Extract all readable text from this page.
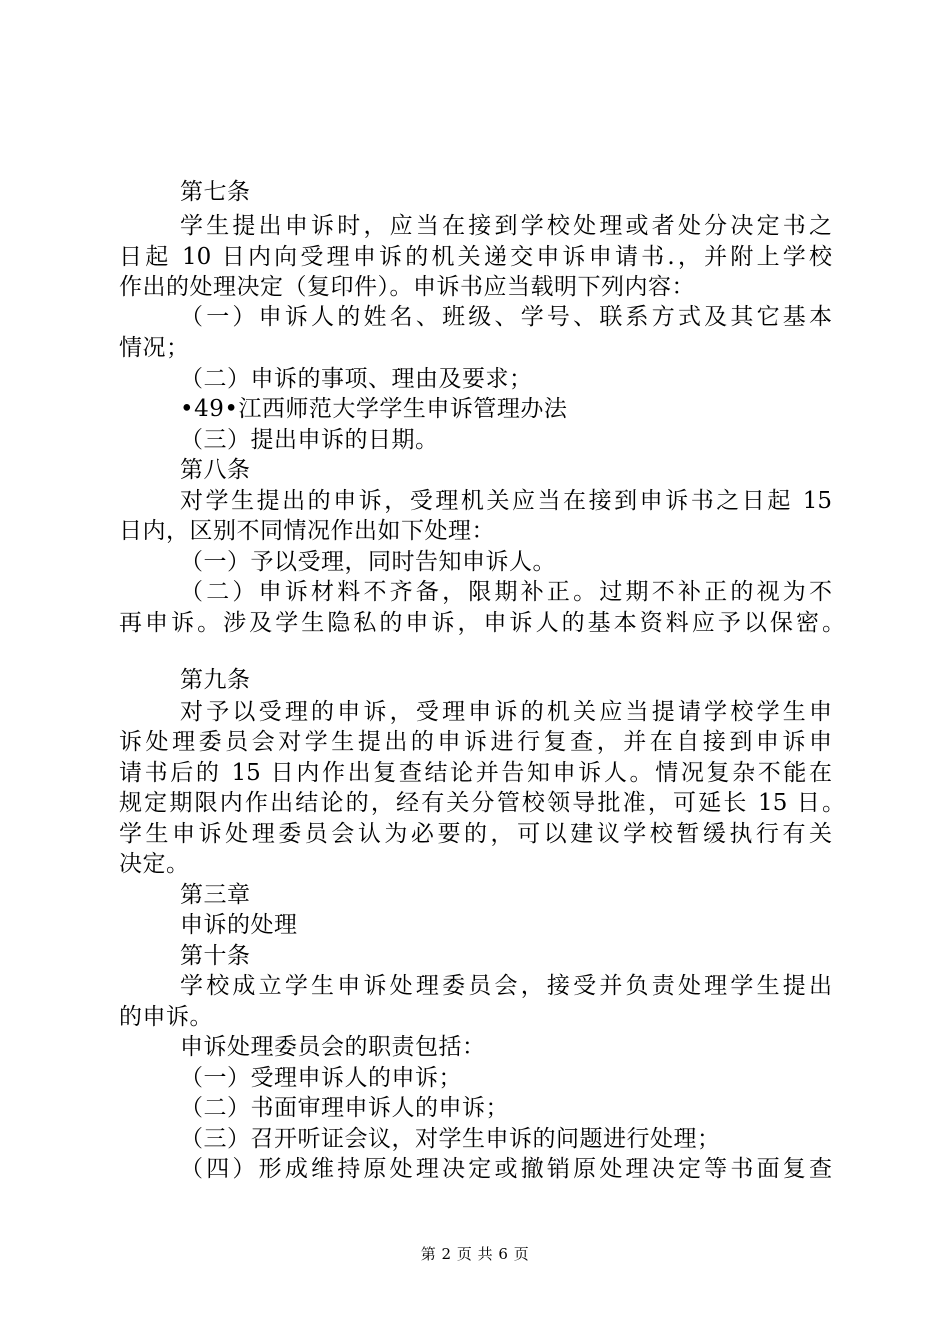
第七条
学生提出申诉时，应当在接到学校处理或者处分决定书之
日起 10 日内向受理申诉的机关递交申诉申请书.，并附上学校
作出的处理决定（复印件）。申诉书应当载明下列内容：
（一）申诉人的姓名、班级、学号、联系方式及其它基本
情况；
（二）申诉的事项、理由及要求；
•49•江西师范大学学生申诉管理办法
（三）提出申诉的日期。
第八条
对学生提出的申诉，受理机关应当在接到申诉书之日起 15
日内，区别不同情况作出如下处理：
（一）予以受理，同时告知申诉人。
（二）申诉材料不齐备，限期补正。过期不补正的视为不
再申诉。涉及学生隐私的申诉，申诉人的基本资料应予以保密。
第九条
对予以受理的申诉，受理申诉的机关应当提请学校学生申
诉处理委员会对学生提出的申诉进行复查，并在自接到申诉申
请书后的 15 日内作出复查结论并告知申诉人。情况复杂不能在
规定期限内作出结论的，经有关分管校领导批准，可延长 15 日。
学生申诉处理委员会认为必要的，可以建议学校暂缓执行有关
决定。
第三章
申诉的处理
第十条
学校成立学生申诉处理委员会，接受并负责处理学生提出
的申诉。
申诉处理委员会的职责包括：
（一）受理申诉人的申诉；
（二）书面审理申诉人的申诉；
（三）召开听证会议，对学生申诉的问题进行处理；
（四）形成维持原处理决定或撤销原处理决定等书面复查
第 2 页 共 6 页
